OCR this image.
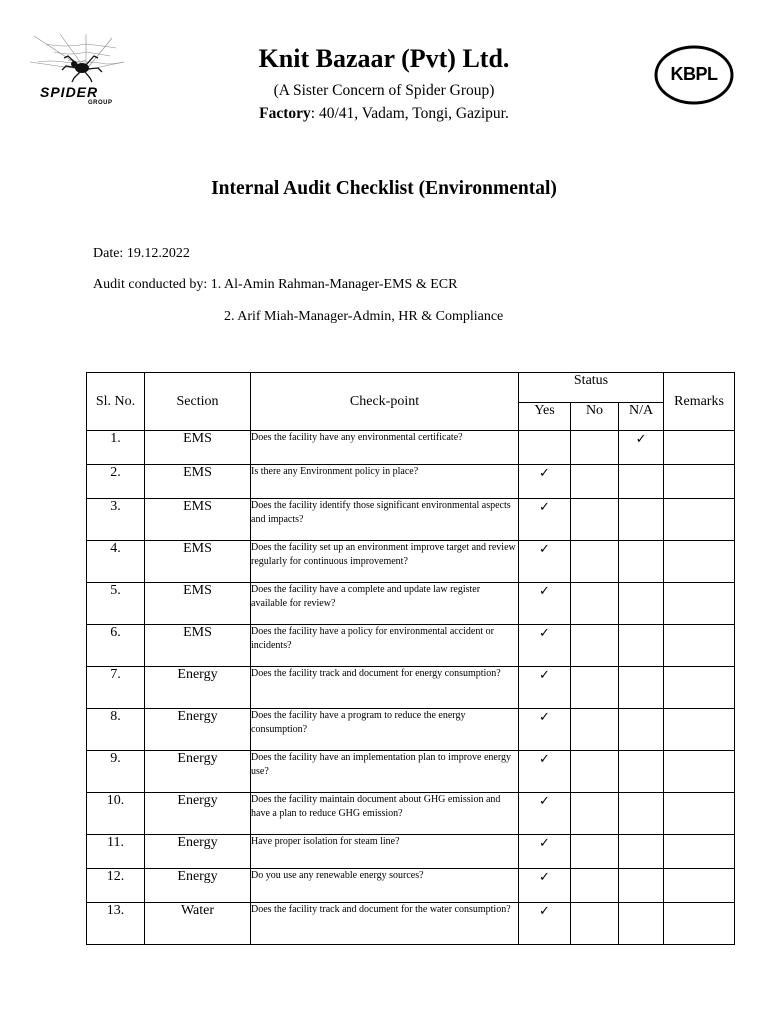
SPIDER
GROUP
KBPL
Knit Bazaar (Pvt) Ltd.
(A Sister Concern of Spider Group)
Factory: 40/41, Vadam, Tongi, Gazipur.
Internal Audit Checklist (Environmental)
Date: 19.12.2022
Audit conducted by: 1. Al-Amin Rahman-Manager-EMS & ECR
2. Arif Miah-Manager-Admin, HR & Compliance
Sl. No.	Section	Check-point	Status			Remarks
			Yes	No	N/A	
1.	EMS	Does the facility have any environmental certificate?			✓	
2.	EMS	Is there any Environment policy in place?	✓			
3.	EMS	Does the facility identify those significant environmental aspects and impacts?	✓			
4.	EMS	Does the facility set up an environment improve target and review regularly for continuous improvement?	✓			
5.	EMS	Does the facility have a complete and update law register available for review?	✓			
6.	EMS	Does the facility have a policy for environmental accident or incidents?	✓			
7.	Energy	Does the facility track and document for energy consumption?	✓			
8.	Energy	Does the facility have a program to reduce the energy consumption?	✓			
9.	Energy	Does the facility have an implementation plan to improve energy use?	✓			
10.	Energy	Does the facility maintain document about GHG emission and have a plan to reduce GHG emission?	✓			
11.	Energy	Have proper isolation for steam line?	✓			
12.	Energy	Do you use any renewable energy sources?	✓			
13.	Water	Does the facility track and document for the water consumption?	✓			
